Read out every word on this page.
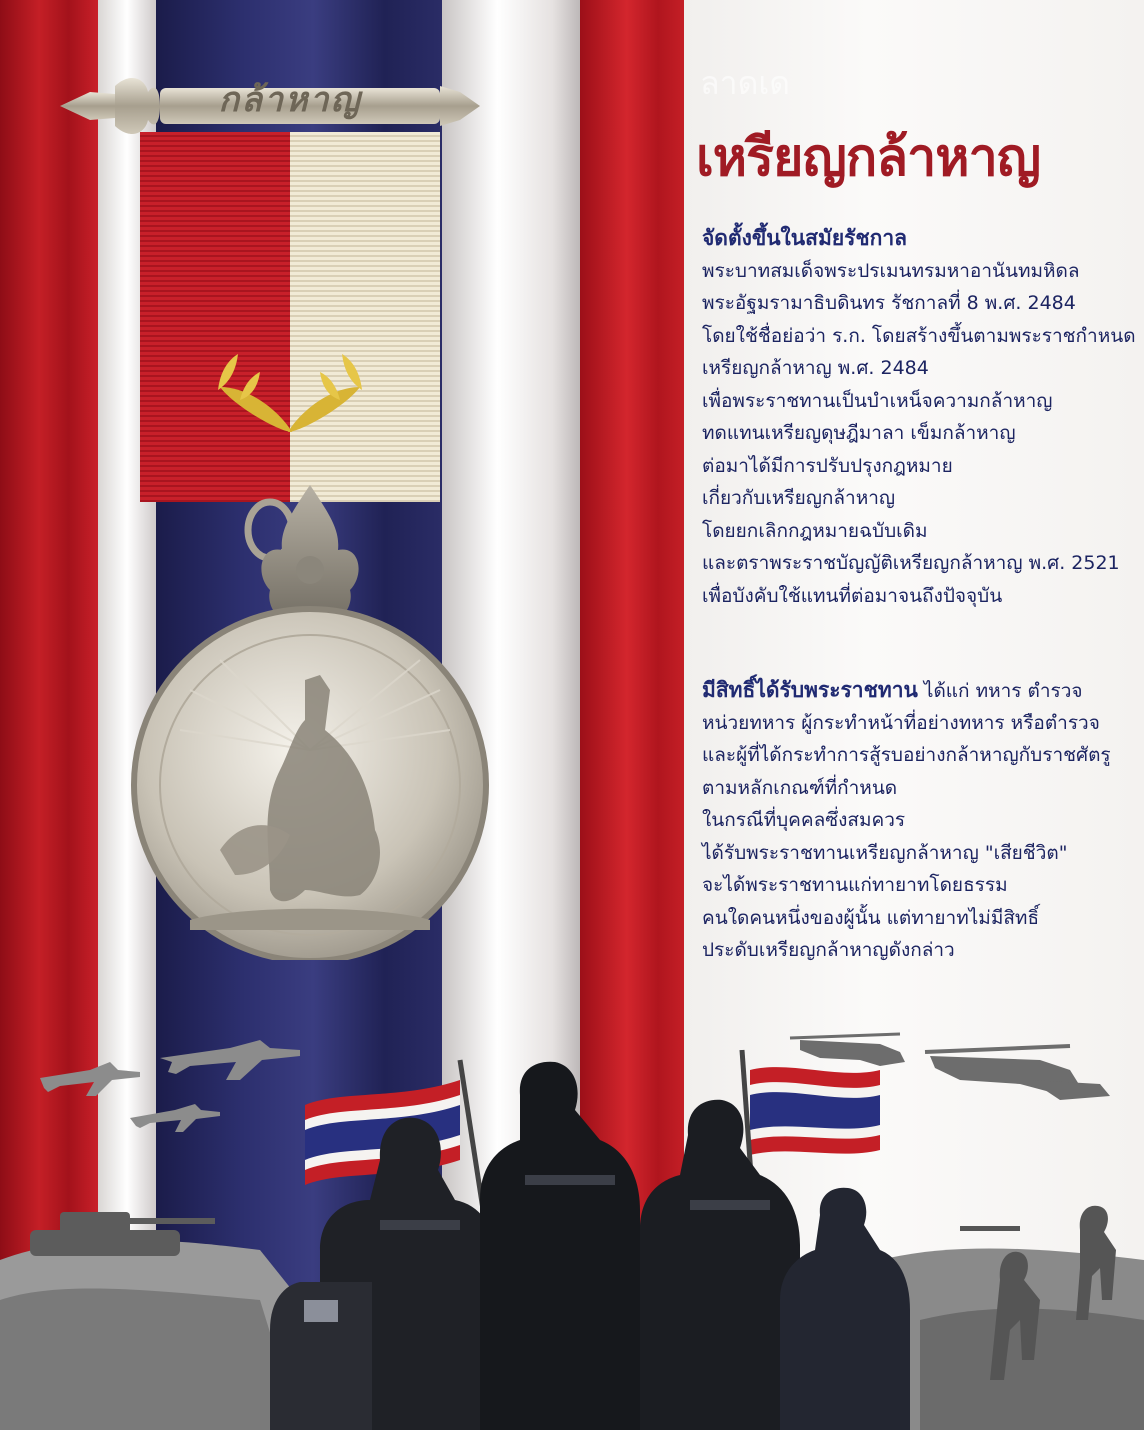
กล้าหาญ	ลาดเด
เหรียญกล้าหาญ
จัดตั้งขึ้นในสมัยรัชกาล
พระบาทสมเด็จพระปรเมนทรมหาอานันทมหิดล
พระอัฐมรามาธิบดินทร รัชกาลที่ 8 พ.ศ. 2484
โดยใช้ชื่อย่อว่า ร.ก. โดยสร้างขึ้นตามพระราชกำหนด
เหรียญกล้าหาญ พ.ศ. 2484
เพื่อพระราชทานเป็นบำเหน็จความกล้าหาญ
ทดแทนเหรียญดุษฎีมาลา เข็มกล้าหาญ
ต่อมาได้มีการปรับปรุงกฎหมาย
เกี่ยวกับเหรียญกล้าหาญ
โดยยกเลิกกฎหมายฉบับเดิม
และตราพระราชบัญญัติเหรียญกล้าหาญ พ.ศ. 2521
เพื่อบังคับใช้แทนที่ต่อมาจนถึงปัจจุบัน
มีสิทธิ์ได้รับพระราชทาน ได้แก่ ทหาร ตำรวจ
หน่วยทหาร ผู้กระทำหน้าที่อย่างทหาร หรือตำรวจ
และผู้ที่ได้กระทำการสู้รบอย่างกล้าหาญกับราชศัตรู
ตามหลักเกณฑ์ที่กำหนด
ในกรณีที่บุคคลซึ่งสมควร
ได้รับพระราชทานเหรียญกล้าหาญ "เสียชีวิต"
จะได้พระราชทานแก่ทายาทโดยธรรม
คนใดคนหนึ่งของผู้นั้น แต่ทายาทไม่มีสิทธิ์
ประดับเหรียญกล้าหาญดังกล่าว
